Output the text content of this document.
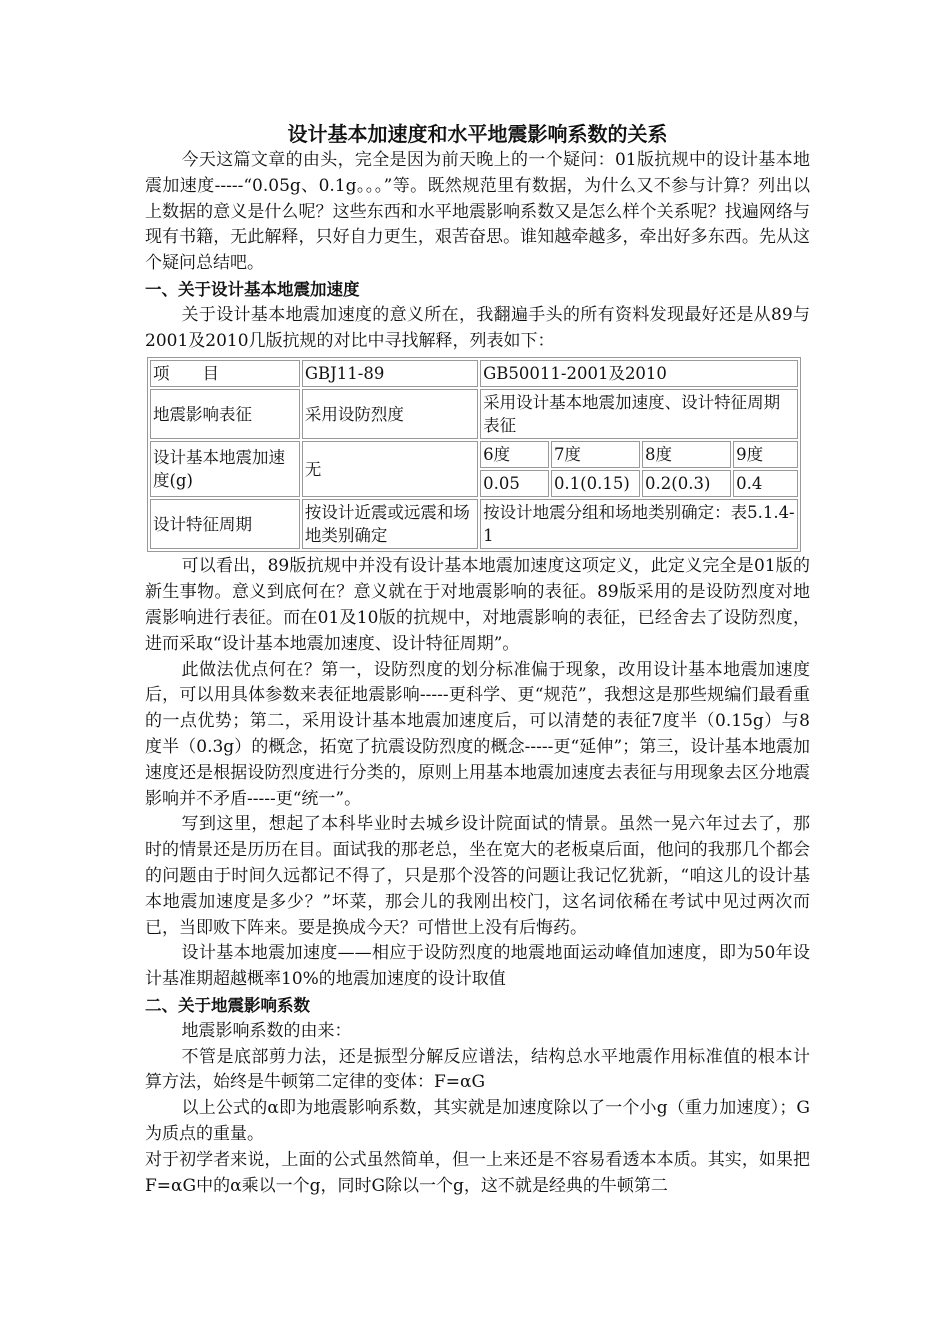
设计基本加速度和水平地震影响系数的关系

今天这篇文章的由头，完全是因为前天晚上的一个疑问：01版抗规中的设计基本地震加速度-----“0.05g、0.1g。。。”等。既然规范里有数据，为什么又不参与计算？列出以上数据的意义是什么呢？这些东西和水平地震影响系数又是怎么样个关系呢？找遍网络与现有书籍，无此解释，只好自力更生，艰苦奋思。谁知越牵越多，牵出好多东西。先从这个疑问总结吧。

一、关于设计基本地震加速度

关于设计基本地震加速度的意义所在，我翻遍手头的所有资料发现最好还是从89与2001及2010几版抗规的对比中寻找解释，列表如下：

项　　目	GBJ11-89	GB50011-2001及2010			
地震影响表征	采用设防烈度	采用设计基本地震加速度、设计特征周期表征			
设计基本地震加速度(g)	无	6度	7度	8度	9度
		0.05	0.1(0.15)	0.2(0.3)	0.4
设计特征周期	按设计近震或远震和场地类别确定	按设计地震分组和场地类别确定：表5.1.4-1			

可以看出，89版抗规中并没有设计基本地震加速度这项定义，此定义完全是01版的新生事物。意义到底何在？意义就在于对地震影响的表征。89版采用的是设防烈度对地震影响进行表征。而在01及10版的抗规中，对地震影响的表征，已经舍去了设防烈度，进而采取“设计基本地震加速度、设计特征周期”。

此做法优点何在？第一，设防烈度的划分标准偏于现象，改用设计基本地震加速度后，可以用具体参数来表征地震影响-----更科学、更“规范”，我想这是那些规编们最看重的一点优势；第二，采用设计基本地震加速度后，可以清楚的表征7度半（0.15g）与8度半（0.3g）的概念，拓宽了抗震设防烈度的概念-----更“延伸”；第三，设计基本地震加速度还是根据设防烈度进行分类的，原则上用基本地震加速度去表征与用现象去区分地震影响并不矛盾-----更“统一”。

写到这里，想起了本科毕业时去城乡设计院面试的情景。虽然一晃六年过去了，那时的情景还是历历在目。面试我的那老总，坐在宽大的老板桌后面，他问的我那几个都会的问题由于时间久远都记不得了，只是那个没答的问题让我记忆犹新，“咱这儿的设计基本地震加速度是多少？”坏菜，那会儿的我刚出校门，这名词依稀在考试中见过两次而已，当即败下阵来。要是换成今天？可惜世上没有后悔药。

设计基本地震加速度——相应于设防烈度的地震地面运动峰值加速度，即为50年设计基准期超越概率10%的地震加速度的设计取值

二、关于地震影响系数

地震影响系数的由来：

不管是底部剪力法，还是振型分解反应谱法，结构总水平地震作用标准值的根本计算方法，始终是牛顿第二定律的变体：F=αG

以上公式的α即为地震影响系数，其实就是加速度除以了一个小g（重力加速度）；G为质点的重量。

对于初学者来说，上面的公式虽然简单，但一上来还是不容易看透本本质。其实，如果把　F=αG中的α乘以一个g，同时G除以一个g，这不就是经典的牛顿第二
